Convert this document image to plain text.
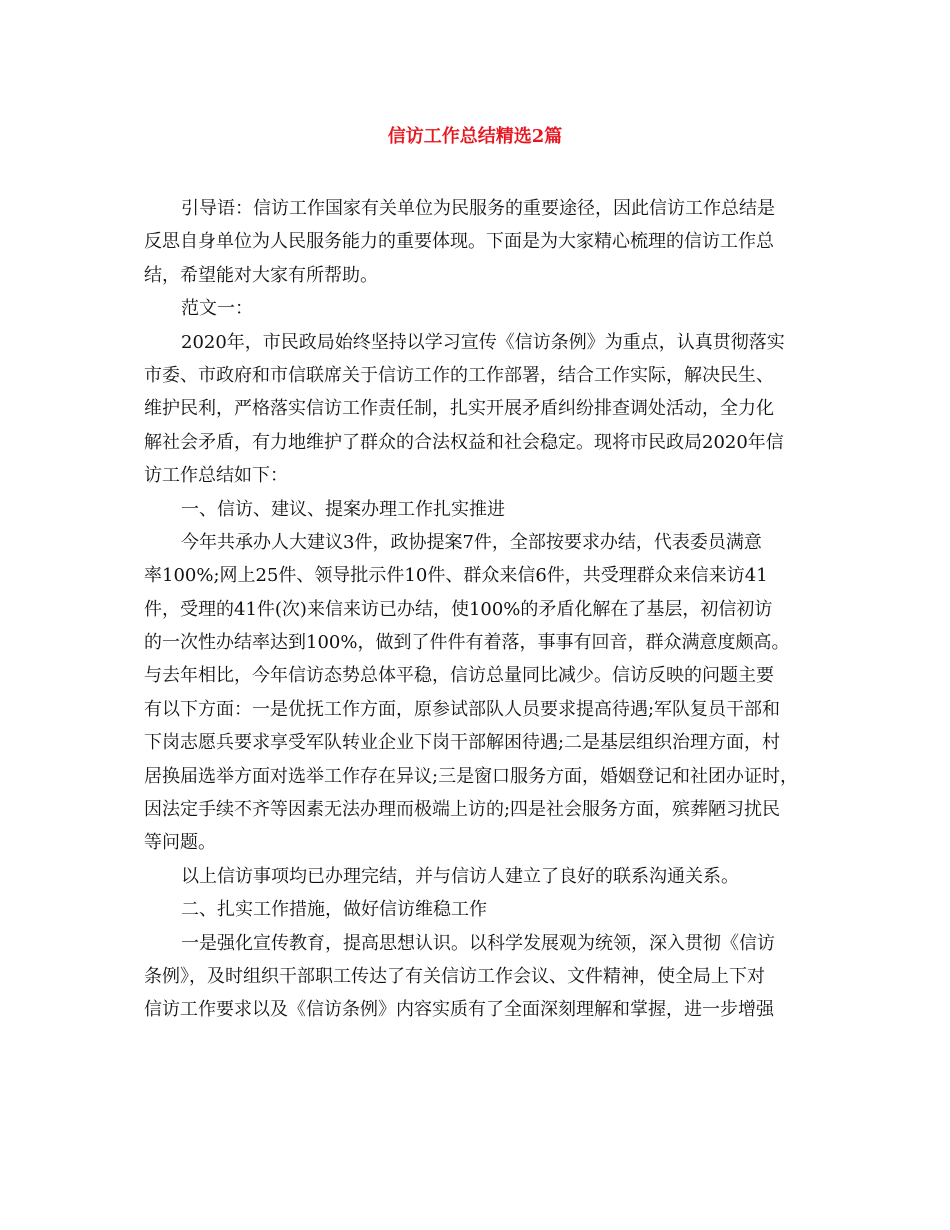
信访工作总结精选2篇
引导语：信访工作国家有关单位为民服务的重要途径，因此信访工作总结是
反思自身单位为人民服务能力的重要体现。下面是为大家精心梳理的信访工作总
结，希望能对大家有所帮助。
范文一：
2020年，市民政局始终坚持以学习宣传《信访条例》为重点，认真贯彻落实
市委、市政府和市信联席关于信访工作的工作部署，结合工作实际，解决民生、
维护民利，严格落实信访工作责任制，扎实开展矛盾纠纷排查调处活动，全力化
解社会矛盾，有力地维护了群众的合法权益和社会稳定。现将市民政局2020年信
访工作总结如下：
一、信访、建议、提案办理工作扎实推进
今年共承办人大建议3件，政协提案7件，全部按要求办结，代表委员满意
率100%;网上25件、领导批示件10件、群众来信6件，共受理群众来信来访41
件，受理的41件(次)来信来访已办结，使100%的矛盾化解在了基层，初信初访
的一次性办结率达到100%，做到了件件有着落，事事有回音，群众满意度颇高。
与去年相比，今年信访态势总体平稳，信访总量同比减少。信访反映的问题主要
有以下方面：一是优抚工作方面，原参试部队人员要求提高待遇;军队复员干部和
下岗志愿兵要求享受军队转业企业下岗干部解困待遇;二是基层组织治理方面，村
居换届选举方面对选举工作存在异议;三是窗口服务方面，婚姻登记和社团办证时，
因法定手续不齐等因素无法办理而极端上访的;四是社会服务方面，殡葬陋习扰民
等问题。
以上信访事项均已办理完结，并与信访人建立了良好的联系沟通关系。
二、扎实工作措施，做好信访维稳工作
一是强化宣传教育，提高思想认识。以科学发展观为统领，深入贯彻《信访
条例》，及时组织干部职工传达了有关信访工作会议、文件精神，使全局上下对
信访工作要求以及《信访条例》内容实质有了全面深刻理解和掌握，进一步增强
